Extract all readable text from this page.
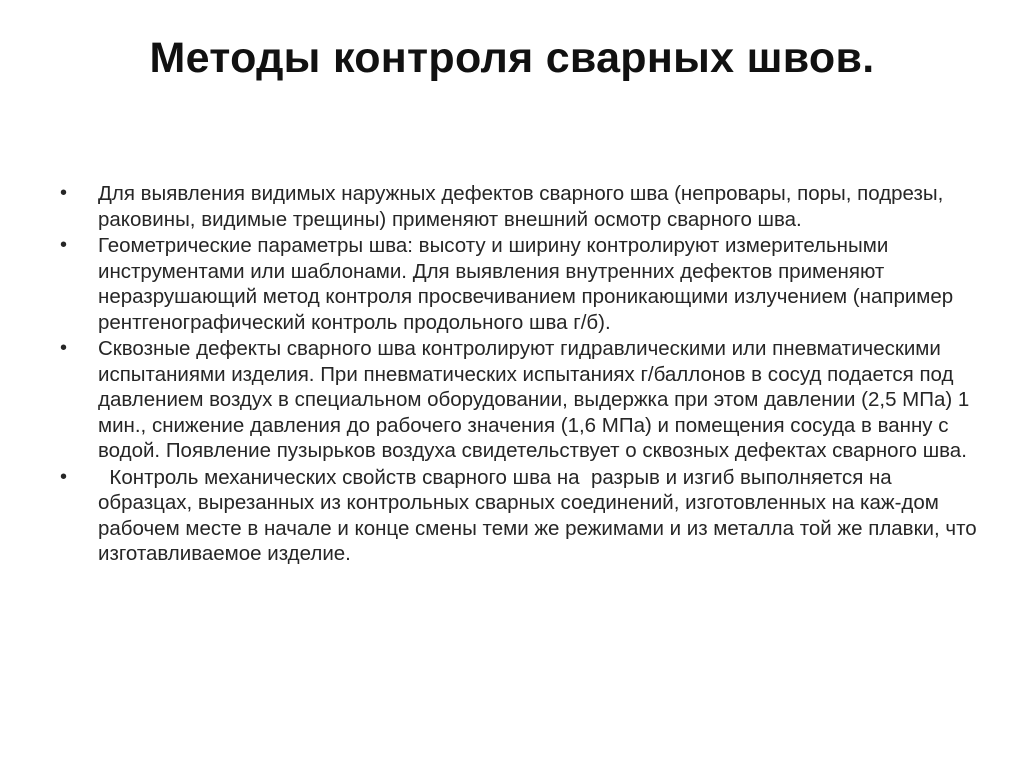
Методы контроля сварных швов.
•	Для выявления видимых наружных дефектов сварного шва (непровары, поры, подрезы, раковины, видимые трещины) применяют внешний осмотр сварного шва.
•	Геометрические параметры шва: высоту и ширину контролируют измерительными инструментами или шаблонами. Для выявления внутренних дефектов применяют неразрушающий метод контроля просвечиванием проникающими излучением (например рентгенографический контроль продольного шва г/б).
•	Сквозные дефекты сварного шва контролируют гидравлическими или пневматическими испытаниями изделия. При пневматических испытаниях г/баллонов в сосуд подается под давлением воздух в специальном оборудовании, выдержка при этом давлении (2,5 МПа) 1 мин., снижение давления до рабочего значения (1,6 МПа) и помещения сосуда в ванну с водой. Появление пузырьков воздуха свидетельствует о сквозных дефектах сварного шва.
•	Контроль механических свойств сварного шва на  разрыв и изгиб выполняется на образцах, вырезанных из контрольных сварных соединений, изготовленных на каж-дом рабочем месте в начале и конце смены теми же режимами и из металла той же плавки, что изготавливаемое изделие.
